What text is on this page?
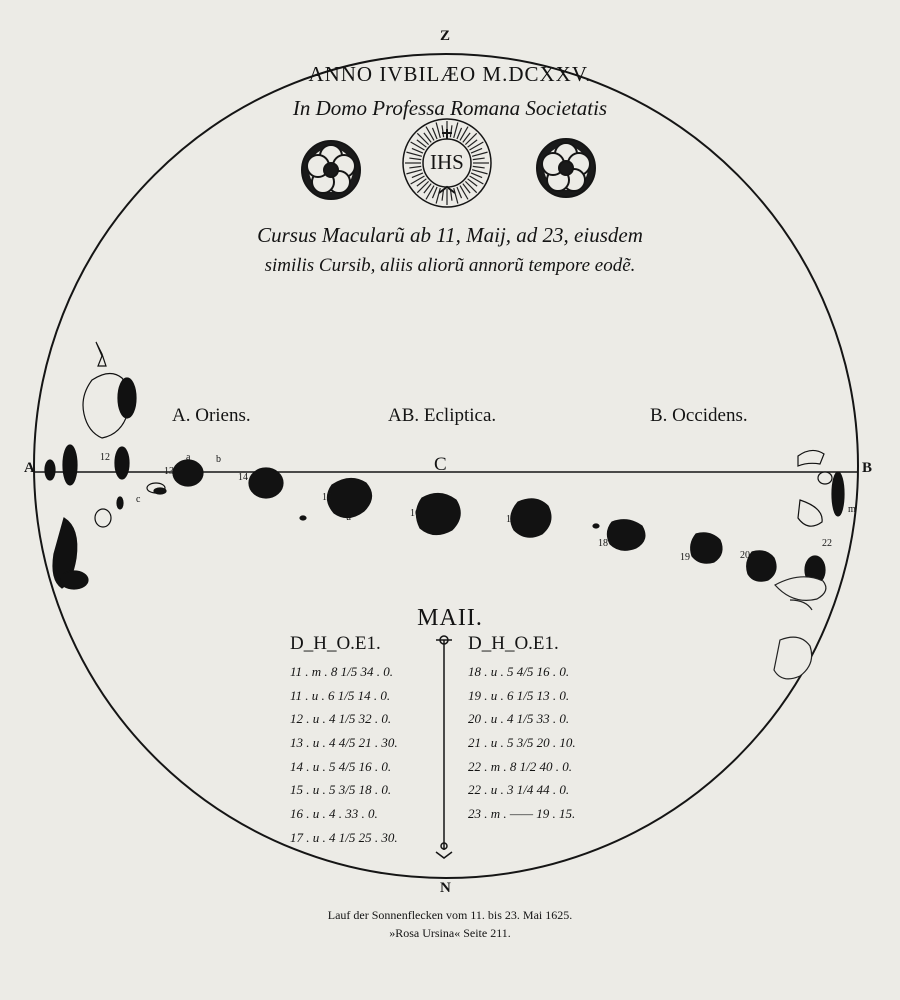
Z
ANNO IVBILÆO M.DCXXV.
In Domo Professa Romana Societatis
IHS
Cursus Macularũ ab 11, Maij, ad 23, eiusdem
similis Cursib, aliis aliorũ annorũ tempore eodẽ.
A. Oriens.	AB. Ecliptica.	B. Occidens.
A	B
C
N
12
13
14
15
16
17
18
19	20
22
a	b
c
u
m
MAII.
D_H_O.E1.	D_H_O.E1.
11 . m . 8 1/5 34 . 0.
11 . u . 6 1/5 14 . 0.
12 . u . 4 1/5 32 . 0.
13 . u . 4 4/5 21 . 30.
14 . u . 5 4/5 16 . 0.
15 . u . 5 3/5 18 . 0.
16 . u . 4 . 33 . 0.
17 . u . 4 1/5 25 . 30.
18 . u . 5 4/5 16 . 0.
19 . u . 6 1/5 13 . 0.
20 . u . 4 1/5 33 . 0.
21 . u . 5 3/5 20 . 10.
22 . m . 8 1/2 40 . 0.
22 . u . 3 1/4 44 . 0.
23 . m . —— 19 . 15.
Lauf der Sonnenflecken vom 11. bis 23. Mai 1625.
»Rosa Ursina« Seite 211.
